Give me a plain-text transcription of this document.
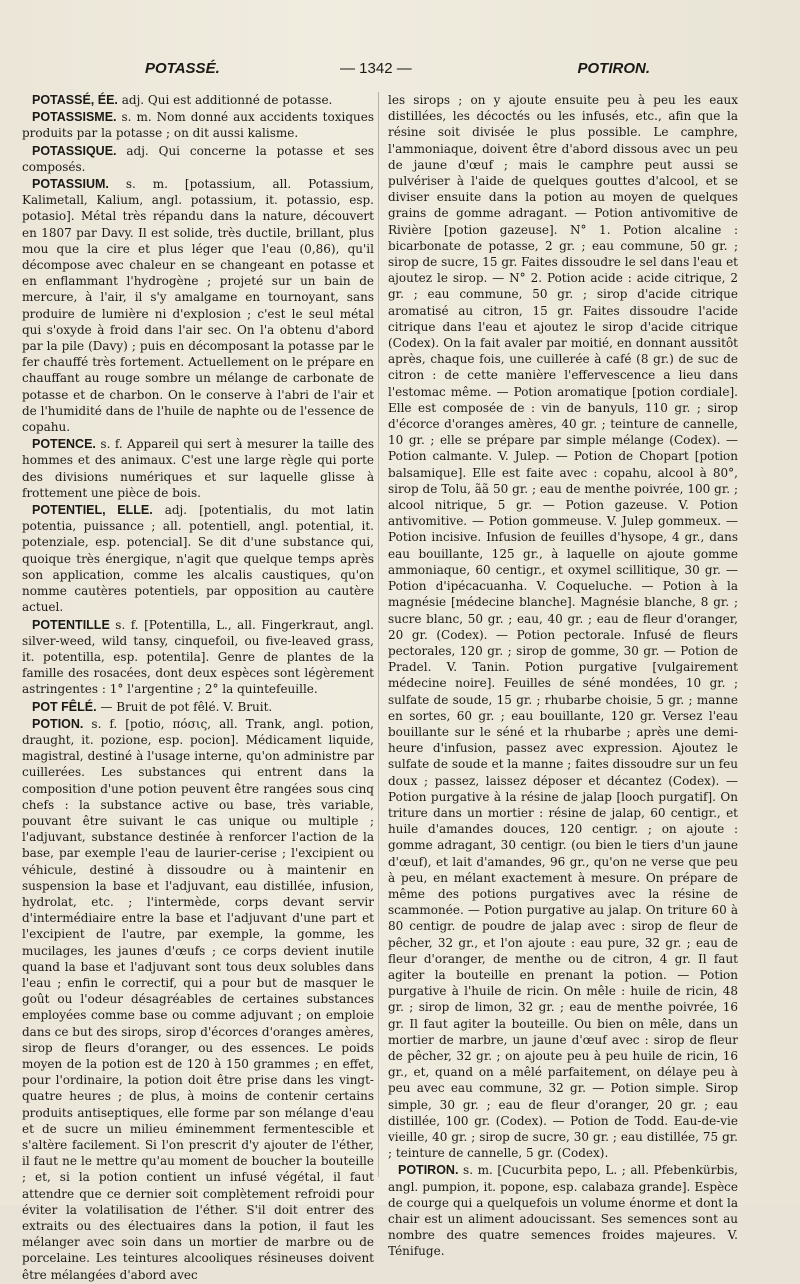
POTASSÉ.	— 1342 —	POTIRON.

POTASSÉ, ÉE. adj. Qui est additionné de potasse.

POTASSISME. s. m. Nom donné aux accidents toxiques produits par la potasse ; on dit aussi kalisme.

POTASSIQUE. adj. Qui concerne la potasse et ses composés.

POTASSIUM. s. m. [potassium, all. Potassium, Kalimetall, Kalium, angl. potassium, it. potassio, esp. potasio]. Métal très répandu dans la nature, découvert en 1807 par Davy. Il est solide, très ductile, brillant, plus mou que la cire et plus léger que l'eau (0,86), qu'il décompose avec chaleur en se changeant en potasse et en enflammant l'hydrogène ; projeté sur un bain de mercure, à l'air, il s'y amalgame en tournoyant, sans produire de lumière ni d'explosion ; c'est le seul métal qui s'oxyde à froid dans l'air sec. On l'a obtenu d'abord par la pile (Davy) ; puis en décomposant la potasse par le fer chauffé très fortement. Actuellement on le prépare en chauffant au rouge sombre un mélange de carbonate de potasse et de charbon. On le conserve à l'abri de l'air et de l'humidité dans de l'huile de naphte ou de l'essence de copahu.

POTENCE. s. f. Appareil qui sert à mesurer la taille des hommes et des animaux. C'est une large règle qui porte des divisions numériques et sur laquelle glisse à frottement une pièce de bois.

POTENTIEL, ELLE. adj. [potentialis, du mot latin potentia, puissance ; all. potentiell, angl. potential, it. potenziale, esp. potencial]. Se dit d'une substance qui, quoique très énergique, n'agit que quelque temps après son application, comme les alcalis caustiques, qu'on nomme cautères potentiels, par opposition au cautère actuel.

POTENTILLE s. f. [Potentilla, L., all. Fingerkraut, angl. silver-weed, wild tansy, cinquefoil, ou five-leaved grass, it. potentilla, esp. potentila]. Genre de plantes de la famille des rosacées, dont deux espèces sont légèrement astringentes : 1° l'argentine ; 2° la quintefeuille.

POT FÊLÉ. — Bruit de pot fêlé. V. Bruit.

POTION. s. f. [potio, πόσις, all. Trank, angl. potion, draught, it. pozione, esp. pocion]. Médicament liquide, magistral, destiné à l'usage interne, qu'on administre par cuillerées. Les substances qui entrent dans la composition d'une potion peuvent être rangées sous cinq chefs : la substance active ou base, très variable, pouvant être suivant le cas unique ou multiple ; l'adjuvant, substance destinée à renforcer l'action de la base, par exemple l'eau de laurier-cerise ; l'excipient ou véhicule, destiné à dissoudre ou à maintenir en suspension la base et l'adjuvant, eau distillée, infusion, hydrolat, etc. ; l'intermède, corps devant servir d'intermédiaire entre la base et l'adjuvant d'une part et l'excipient de l'autre, par exemple, la gomme, les mucilages, les jaunes d'œufs ; ce corps devient inutile quand la base et l'adjuvant sont tous deux solubles dans l'eau ; enfin le correctif, qui a pour but de masquer le goût ou l'odeur désagréables de certaines substances employées comme base ou comme adjuvant ; on emploie dans ce but des sirops, sirop d'écorces d'oranges amères, sirop de fleurs d'oranger, ou des essences. Le poids moyen de la potion est de 120 à 150 grammes ; en effet, pour l'ordinaire, la potion doit être prise dans les vingt-quatre heures ; de plus, à moins de contenir certains produits antiseptiques, elle forme par son mélange d'eau et de sucre un milieu éminemment fermentescible et s'altère facilement. Si l'on prescrit d'y ajouter de l'éther, il faut ne le mettre qu'au moment de boucher la bouteille ; et, si la potion contient un infusé végétal, il faut attendre que ce dernier soit complètement refroidi pour éviter la volatilisation de l'éther. S'il doit entrer des extraits ou des électuaires dans la potion, il faut les mélanger avec soin dans un mortier de marbre ou de porcelaine. Les teintures alcooliques résineuses doivent être mélangées d'abord avec

les sirops ; on y ajoute ensuite peu à peu les eaux distillées, les décoctés ou les infusés, etc., afin que la résine soit divisée le plus possible. Le camphre, l'ammoniaque, doivent être d'abord dissous avec un peu de jaune d'œuf ; mais le camphre peut aussi se pulvériser à l'aide de quelques gouttes d'alcool, et se diviser ensuite dans la potion au moyen de quelques grains de gomme adragant. — Potion antivomitive de Rivière [potion gazeuse]. N° 1. Potion alcaline : bicarbonate de potasse, 2 gr. ; eau commune, 50 gr. ; sirop de sucre, 15 gr. Faites dissoudre le sel dans l'eau et ajoutez le sirop. — N° 2. Potion acide : acide citrique, 2 gr. ; eau commune, 50 gr. ; sirop d'acide citrique aromatisé au citron, 15 gr. Faites dissoudre l'acide citrique dans l'eau et ajoutez le sirop d'acide citrique (Codex). On la fait avaler par moitié, en donnant aussitôt après, chaque fois, une cuillerée à café (8 gr.) de suc de citron : de cette manière l'effervescence a lieu dans l'estomac même. — Potion aromatique [potion cordiale]. Elle est composée de : vin de banyuls, 110 gr. ; sirop d'écorce d'oranges amères, 40 gr. ; teinture de cannelle, 10 gr. ; elle se prépare par simple mélange (Codex). — Potion calmante. V. Julep. — Potion de Chopart [potion balsamique]. Elle est faite avec : copahu, alcool à 80°, sirop de Tolu, ãã 50 gr. ; eau de menthe poivrée, 100 gr. ; alcool nitrique, 5 gr. — Potion gazeuse. V. Potion antivomitive. — Potion gommeuse. V. Julep gommeux. — Potion incisive. Infusion de feuilles d'hysope, 4 gr., dans eau bouillante, 125 gr., à laquelle on ajoute gomme ammoniaque, 60 centigr., et oxymel scillitique, 30 gr. — Potion d'ipécacuanha. V. Coqueluche. — Potion à la magnésie [médecine blanche]. Magnésie blanche, 8 gr. ; sucre blanc, 50 gr. ; eau, 40 gr. ; eau de fleur d'oranger, 20 gr. (Codex). — Potion pectorale. Infusé de fleurs pectorales, 120 gr. ; sirop de gomme, 30 gr. — Potion de Pradel. V. Tanin. Potion purgative [vulgairement médecine noire]. Feuilles de séné mondées, 10 gr. ; sulfate de soude, 15 gr. ; rhubarbe choisie, 5 gr. ; manne en sortes, 60 gr. ; eau bouillante, 120 gr. Versez l'eau bouillante sur le séné et la rhubarbe ; après une demi-heure d'infusion, passez avec expression. Ajoutez le sulfate de soude et la manne ; faites dissoudre sur un feu doux ; passez, laissez déposer et décantez (Codex). — Potion purgative à la résine de jalap [looch purgatif]. On triture dans un mortier : résine de jalap, 60 centigr., et huile d'amandes douces, 120 centigr. ; on ajoute : gomme adragant, 30 centigr. (ou bien le tiers d'un jaune d'œuf), et lait d'amandes, 96 gr., qu'on ne verse que peu à peu, en mélant exactement à mesure. On prépare de même des potions purgatives avec la résine de scammonée. — Potion purgative au jalap. On triture 60 à 80 centigr. de poudre de jalap avec : sirop de fleur de pêcher, 32 gr., et l'on ajoute : eau pure, 32 gr. ; eau de fleur d'oranger, de menthe ou de citron, 4 gr. Il faut agiter la bouteille en prenant la potion. — Potion purgative à l'huile de ricin. On mêle : huile de ricin, 48 gr. ; sirop de limon, 32 gr. ; eau de menthe poivrée, 16 gr. Il faut agiter la bouteille. Ou bien on mêle, dans un mortier de marbre, un jaune d'œuf avec : sirop de fleur de pêcher, 32 gr. ; on ajoute peu à peu huile de ricin, 16 gr., et, quand on a mêlé parfaitement, on délaye peu à peu avec eau commune, 32 gr. — Potion simple. Sirop simple, 30 gr. ; eau de fleur d'oranger, 20 gr. ; eau distillée, 100 gr. (Codex). — Potion de Todd. Eau-de-vie vieille, 40 gr. ; sirop de sucre, 30 gr. ; eau distillée, 75 gr. ; teinture de cannelle, 5 gr. (Codex).

POTIRON. s. m. [Cucurbita pepo, L. ; all. Pfebenkürbis, angl. pumpion, it. popone, esp. calabaza grande]. Espèce de courge qui a quelquefois un volume énorme et dont la chair est un aliment adoucissant. Ses semences sont au nombre des quatre semences froides majeures. V. Ténifuge.
